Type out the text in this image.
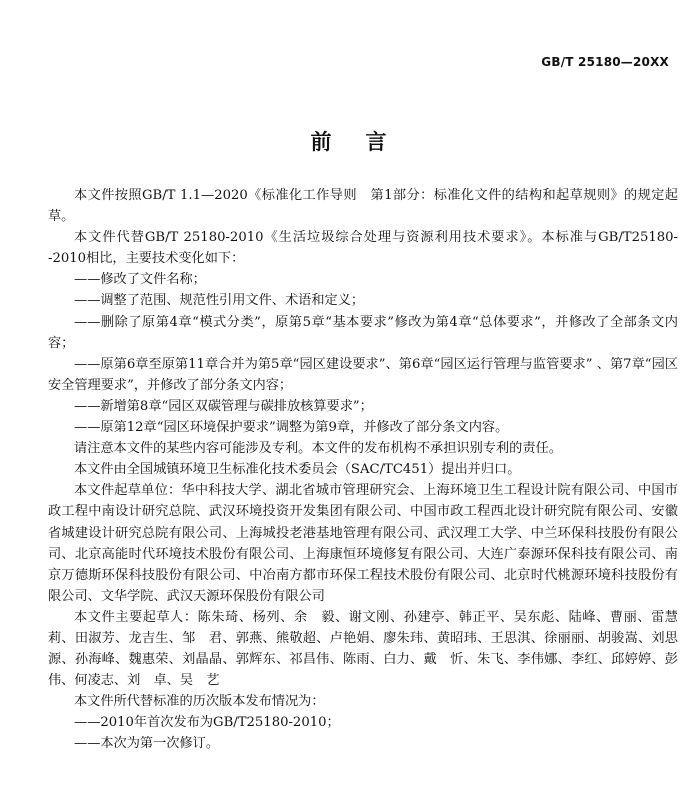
GB/T 25180—20XX
前 言

本文件按照GB/T 1.1—2020《标准化工作导则　第1部分：标准化文件的结构和起草规则》的规定起草。

本文件代替GB/T 25180-2010《生活垃圾综合处理与资源利用技术要求》。本标准与GB/T25180--2010相比，主要技术变化如下：

——修改了文件名称；

——调整了范围、规范性引用文件、术语和定义；

——删除了原第4章“模式分类”，原第5章“基本要求”修改为第4章“总体要求”，并修改了全部条文内容；

——原第6章至原第11章合并为第5章“园区建设要求”、第6章“园区运行管理与监管要求” 、第7章“园区安全管理要求”，并修改了部分条文内容；

——新增第8章“园区双碳管理与碳排放核算要求”；

——原第12章“园区环境保护要求”调整为第9章，并修改了部分条文内容。

请注意本文件的某些内容可能涉及专利。本文件的发布机构不承担识别专利的责任。

本文件由全国城镇环境卫生标准化技术委员会（SAC/TC451）提出并归口。

本文件起草单位：华中科技大学、湖北省城市管理研究会、上海环境卫生工程设计院有限公司、中国市政工程中南设计研究总院、武汉环境投资开发集团有限公司、中国市政工程西北设计研究院有限公司、安徽省城建设计研究总院有限公司、上海城投老港基地管理有限公司、武汉理工大学、中兰环保科技股份有限公司、北京高能时代环境技术股份有限公司、上海康恒环境修复有限公司、大连广泰源环保科技有限公司、南京万德斯环保科技股份有限公司、中冶南方都市环保工程技术股份有限公司、北京时代桃源环境科技股份有限公司、文华学院、武汉天源环保股份有限公司

本文件主要起草人：陈朱琦、杨列、余　毅、谢文刚、孙建亭、韩正平、吴东彪、陆峰、曹丽、雷慧莉、田淑芳、龙吉生、邹　君、郭燕、熊敬超、卢艳娟、廖朱玮、黄昭玮、王思淇、徐丽丽、胡骏嵩、刘思源、孙海峰、魏惠荣、刘晶晶、郭辉东、祁昌伟、陈雨、白力、戴　忻、朱飞、李伟娜、李红、邱婷婷、彭伟、何凌志、刘　卓、吴　艺

本文件所代替标准的历次版本发布情况为：

——2010年首次发布为GB/T25180-2010；

——本次为第一次修订。
